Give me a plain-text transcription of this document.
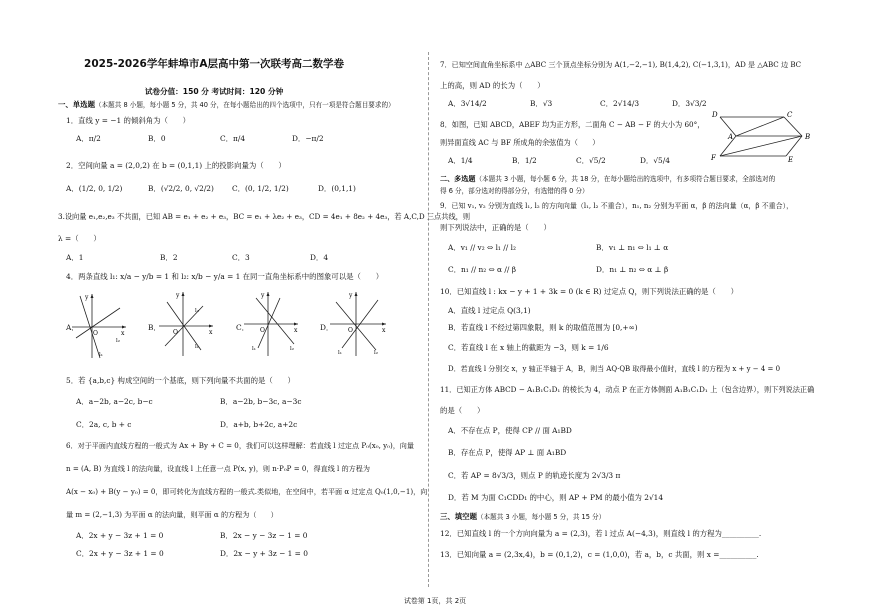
2025-2026学年蚌埠市A层高中第一次联考高二数学卷
试卷分值：150 分 考试时间：120 分钟
一、单选题（本题共 8 小题，每小题 5 分，共 40 分，在每小题给出的四个选项中，只有一项是符合题目要求的）
1．直线 y = −1 的倾斜角为（　　）
A．π/2	B．0	C．π/4	D．−π/2
2．空间向量 a = (2,0,2) 在 b = (0,1,1) 上的投影向量为（　　）
A．(1/2, 0, 1/2)	B．(√2/2, 0, √2/2) C．(0, 1/2, 1/2)	D．(0,1,1)
3.设向量 e₁,e₂,e₃ 不共面，已知 AB = e₁ + e₂ + e₃，BC = e₁ + λe₂ + e₃，CD = 4e₁ + 8e₂ + 4e₃，若 A,C,D 三点共线，则
λ =（　　）
A．1	B．2	C．3	D．4
4．两条直线 l₁: x/a − y/b = 1 和 l₂: x/b − y/a = 1 在同一直角坐标系中的图象可以是（　　）
A．	B．	C．	D．
y
O	x
l₂
l₁
y
O	x
l₂
l₁
y
O	x
l₁	l₂
y
O	x
l₁	l₂
5．若 {a,b,c} 构成空间的一个基底，则下列向量不共面的是（　　）
A．a−2b, a−2c, b−c	B．a−2b, b−3c, a−3c
C．2a, c, b + c	D．a+b, b+2c, a+2c
6．对于平面内直线方程的一般式为 Ax + By + C = 0，我们可以这样理解：若直线 l 过定点 P₀(x₀, y₀)，向量
n = (A, B) 为直线 l 的法向量，设直线 l 上任意一点 P(x, y)，则 n·P₀P = 0，得直线 l 的方程为
A(x − x₀) + B(y − y₀) = 0，即可转化为直线方程的一般式.类似地，在空间中，若平面 α 过定点 Q₀(1,0,−1)，向
量 m = (2,−1,3) 为平面 α 的法向量，则平面 α 的方程为（　　）
A．2x + y − 3z + 1 = 0	B．2x − y − 3z − 1 = 0
C．2x + y − 3z + 1 = 0	D．2x − y + 3z − 1 = 0
7．已知空间直角坐标系中 △ABC 三个顶点坐标分别为 A(1,−2,−1), B(1,4,2), C(−1,3,1)，AD 是 △ABC 边 BC
上的高，则 AD 的长为（　　）
A．3√14/2	B．√3	C．2√14/3	D．3√3/2
8．如图，已知 ABCD，ABEF 均为正方形，二面角 C − AB − F 的大小为 60°，
则异面直线 AC 与 BF 所成角的余弦值为（　　）
A．1/4	B．1/2	C．√5/2	D．√5/4
D	C
A	B
F	E
二、多选题（本题共 3 小题，每小题 6 分，共 18 分，在每小题给出的选项中，有多项符合题目要求，全部选对的
得 6 分，部分选对的得部分分，有选错的得 0 分）
9．已知 v₁, v₂ 分别为直线 l₁, l₂ 的方向向量（l₁, l₂ 不重合），n₁, n₂ 分别为平面 α，β 的法向量（α，β 不重合），
则下列说法中，正确的是（　　）
A．v₁ // v₂ ⇔ l₁ // l₂	B．v₁ ⊥ n₁ ⇔ l₁ ⊥ α
C．n₁ // n₂ ⇔ α // β	D．n₁ ⊥ n₂ ⇔ α ⊥ β
10．已知直线 l : kx − y + 1 + 3k = 0 (k ∈ R) 过定点 Q，则下列说法正确的是（　　）
A．直线 l 过定点 Q(3,1)
B．若直线 l 不经过第四象限，则 k 的取值范围为 [0,+∞)
C．若直线 l 在 x 轴上的截距为 −3，则 k = 1/6
D．若直线 l 分别交 x，y 轴正半轴于 A，B，则当 AQ·QB 取得最小值时，直线 l 的方程为 x + y − 4 = 0
11．已知正方体 ABCD − A₁B₁C₁D₁ 的棱长为 4，动点 P 在正方体侧面 A₁B₁C₁D₁ 上（包含边界），则下列说法正确
的是（　　）
A．不存在点 P，使得 CP // 面 A₁BD
B．存在点 P，使得 AP ⊥ 面 A₁BD
C．若 AP = 8√3/3，则点 P 的轨迹长度为 2√3/3 π
D．若 M 为面 C₁CDD₁ 的中心，则 AP + PM 的最小值为 2√14
三、填空题（本题共 3 小题，每小题 5 分，共 15 分）
12．已知直线 l 的一个方向向量为 a = (2,3)，若 l 过点 A(−4,3)，则直线 l 的方程为__________.
13．已知向量 a = (2,3x,4)，b = (0,1,2)，c = (1,0,0)，若 a，b，c 共面，则 x =__________.
试卷第 1页，共 2页
